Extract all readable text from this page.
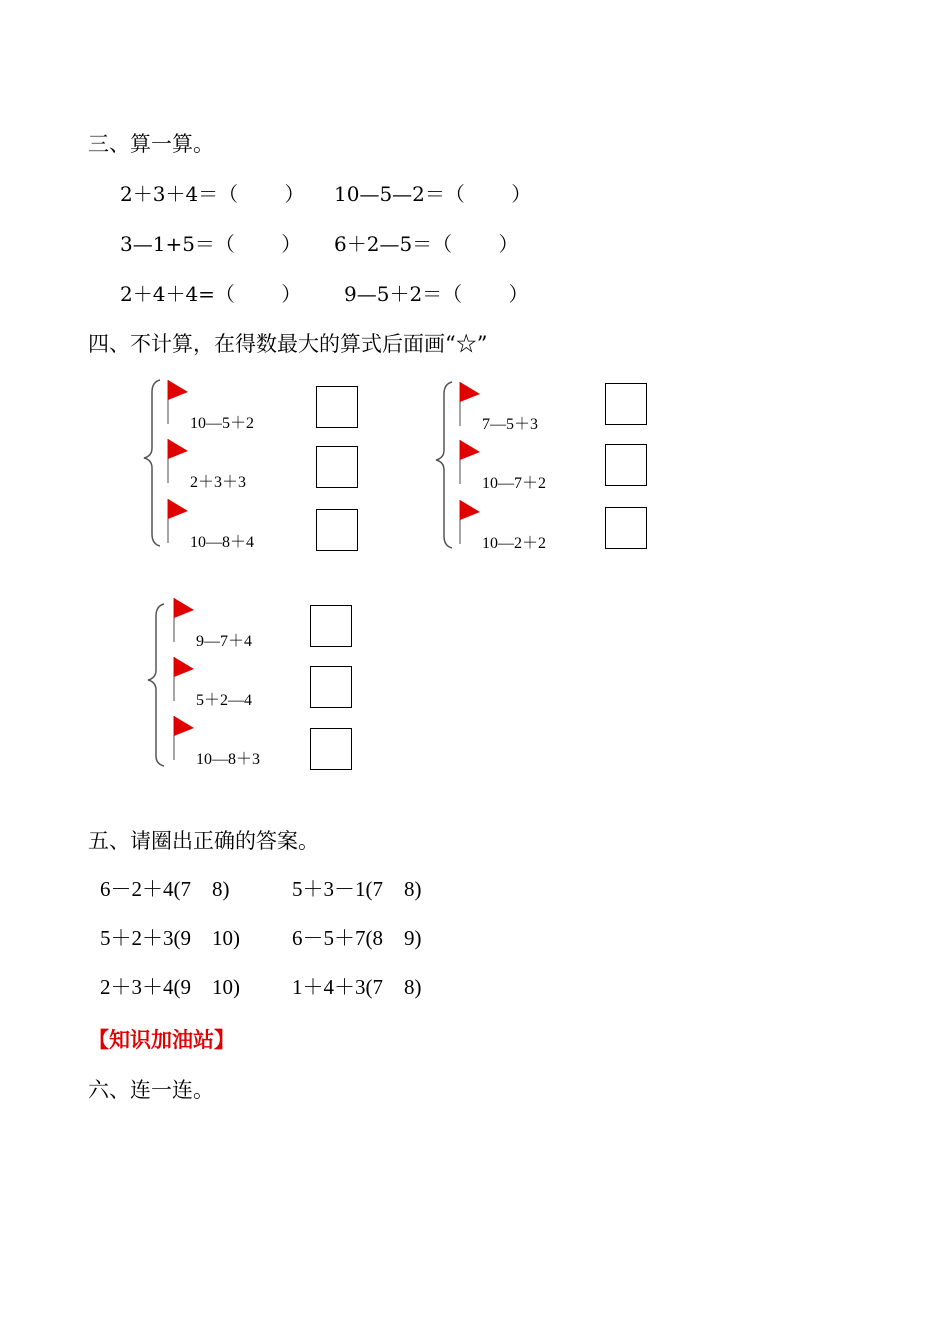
三、算一算。
2＋3＋4＝（　　 ） 10—5—2＝（　　 ）
3—1+5＝（　　 ） 6＋2—5＝（　　 ）
2＋4＋4=（　　 ） 9—5＋2＝（　　 ）
四、不计算，在得数最大的算式后面画“☆”
10—5＋2
2＋3＋3
10—8＋4
7—5＋3
10—7＋2
10—2＋2
9—7＋4
5＋2—4
10—8＋3
五、请圈出正确的答案。
6－2＋4(7　8)	5＋3－1(7　8)
5＋2＋3(9　10) 6－5＋7(8　9)
2＋3＋4(9　10) 1＋4＋3(7　8)
【知识加油站】
六、连一连。
